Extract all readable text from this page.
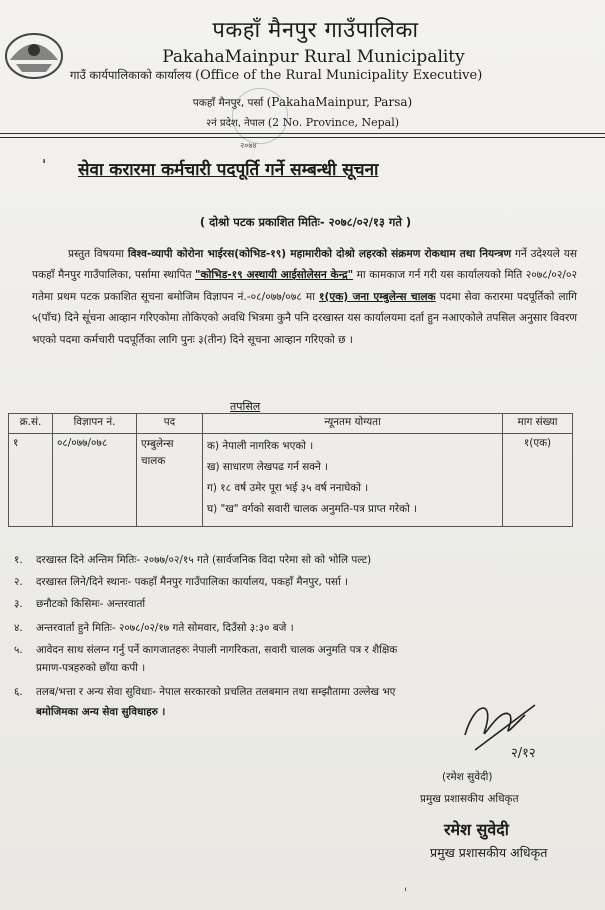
पकहाँ मैनपुर गाउँपालिका
PakahaMainpur Rural Municipality
गाउँ कार्यपालिकाको कार्यालय (Office of the Rural Municipality Executive)
पकहाँ मैनपुर, पर्सा (PakahaMainpur, Parsa)
२नं प्रदेश, नेपाल (2 No. Province, Nepal)
२०७४
ˌ
सेवा करारमा कर्मचारी पदपूर्ति गर्ने सम्बन्धी सूचना
( दोश्रो पटक प्रकाशित मितिः- २०७८/०२/१३ गते )
प्रस्तुत विषयमा विश्व-व्यापी कोरोना भाईरस(कोभिड-१९) महामारीको दोश्रो लहरको संक्रमण रोकथाम तथा नियन्त्रण गर्ने उदेश्यले यस पकहाँ मैनपुर गाउँपालिका, पर्सामा स्थापित "कोभिड-१९ अस्थायी आईसोलेसन केन्द्र" मा कामकाज गर्न गरी यस कार्यालयको मिति २०७८/०२/०२ गतेमा प्रथम पटक प्रकाशित सूचना बमोजिम विज्ञापन नं.-०८/०७७/०७८ मा १(एक) जना एम्बुलेन्स चालक पदमा सेवा करारमा पदपूर्तिको लागि ५(पाँच) दिने सूचना आव्हान गरिएकोमा तोकिएको अवधि भित्रमा कुनै पनि दरखास्त यस कार्यालयमा दर्ता हुन नआएकोले तपसिल अनुसार विवरण भएको पदमा कर्मचारी पदपूर्तिका लागि पुनः ३(तीन) दिने सूचना आव्हान गरिएको छ ।
तपसिल
क्र.सं.	विज्ञापन नं.	पद	न्यूनतम योग्यता	माग संख्या
१	०८/०७७/०७८	एम्बुलेन्स चालक	क) नेपाली नागरिक भएको ।
ख) साधारण लेखपढ गर्न सक्ने ।
ग) १८ वर्ष उमेर पूरा भई ३५ वर्ष ननाघेको ।
घ) "ख" वर्गको सवारी चालक अनुमति-पत्र प्राप्त गरेको ।	१(एक)
१. दरखास्त दिने अन्तिम मितिः- २०७७/०२/१५ गते (सार्वजनिक विदा परेमा सो को भोलि पल्ट)
२. दरखास्त लिने/दिने स्थानः- पकहाँ मैनपुर गाउँपालिका कार्यालय, पकहाँ मैनपुर, पर्सा ।
३. छनौटको किसिमः- अन्तरवार्ता
४. अन्तरवार्ता हुने मितिः- २०७८/०२/१७ गते सोमवार, दिउँसो ३:३० बजे ।
५. आवेदन साथ संलग्न गर्नु पर्ने कागजातहरुः नेपाली नागरिकता, सवारी चालक अनुमति पत्र र शैक्षिक
प्रमाण-पत्रहरुको छाँया कपी ।
६. तलब/भत्ता र अन्य सेवा सुविधाः- नेपाल सरकारको प्रचलित तलबमान तथा सम्झौतामा उल्लेख भए
बमोजिमका अन्य सेवा सुविधाहरु ।
२/१२
(रमेश सुवेदी)
प्रमुख प्रशासकीय अधिकृत
रमेश सुवेदी
प्रमुख प्रशासकीय अधिकृत
ˌ
ˌ
